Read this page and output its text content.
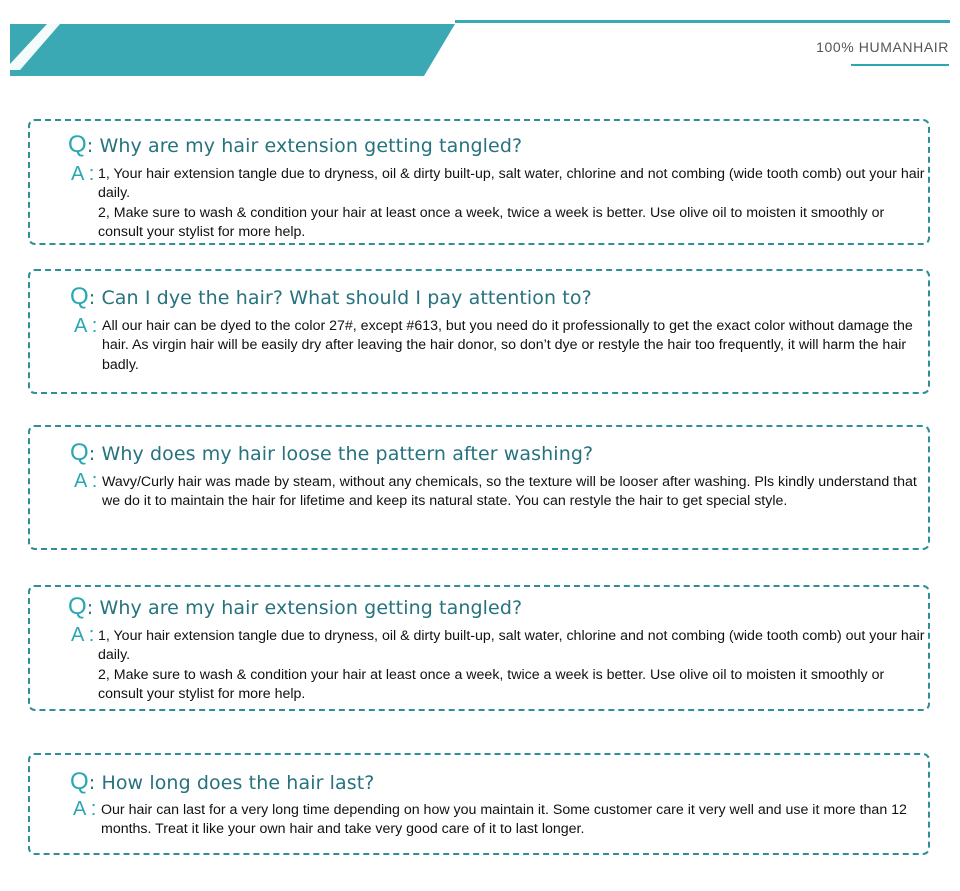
100% HUMANHAIR
Q: Why are my hair extension getting tangled?
A : 1, Your hair extension tangle due to dryness, oil & dirty built-up, salt water, chlorine and not combing (wide tooth comb) out your hair daily.

2, Make sure to wash & condition your hair at least once a week, twice a week is better. Use olive oil to moisten it smoothly or consult your stylist for more help.

Q: Can I dye the hair? What should I pay attention to?
A : All our hair can be dyed to the color 27#, except #613, but you need do it professionally to get the exact color without damage the hair. As virgin hair will be easily dry after leaving the hair donor, so don’t dye or restyle the hair too frequently, it will harm the hair badly.

Q: Why does my hair loose the pattern after washing?
A : Wavy/Curly hair was made by steam, without any chemicals, so the texture will be looser after washing. Pls kindly understand that we do it to maintain the hair for lifetime and keep its natural state. You can restyle the hair to get special style.

Q: Why are my hair extension getting tangled?
A : 1, Your hair extension tangle due to dryness, oil & dirty built-up, salt water, chlorine and not combing (wide tooth comb) out your hair daily.

2, Make sure to wash & condition your hair at least once a week, twice a week is better. Use olive oil to moisten it smoothly or consult your stylist for more help.

Q: How long does the hair last?
A : Our hair can last for a very long time depending on how you maintain it. Some customer care it very well and use it more than 12 months. Treat it like your own hair and take very good care of it to last longer.
